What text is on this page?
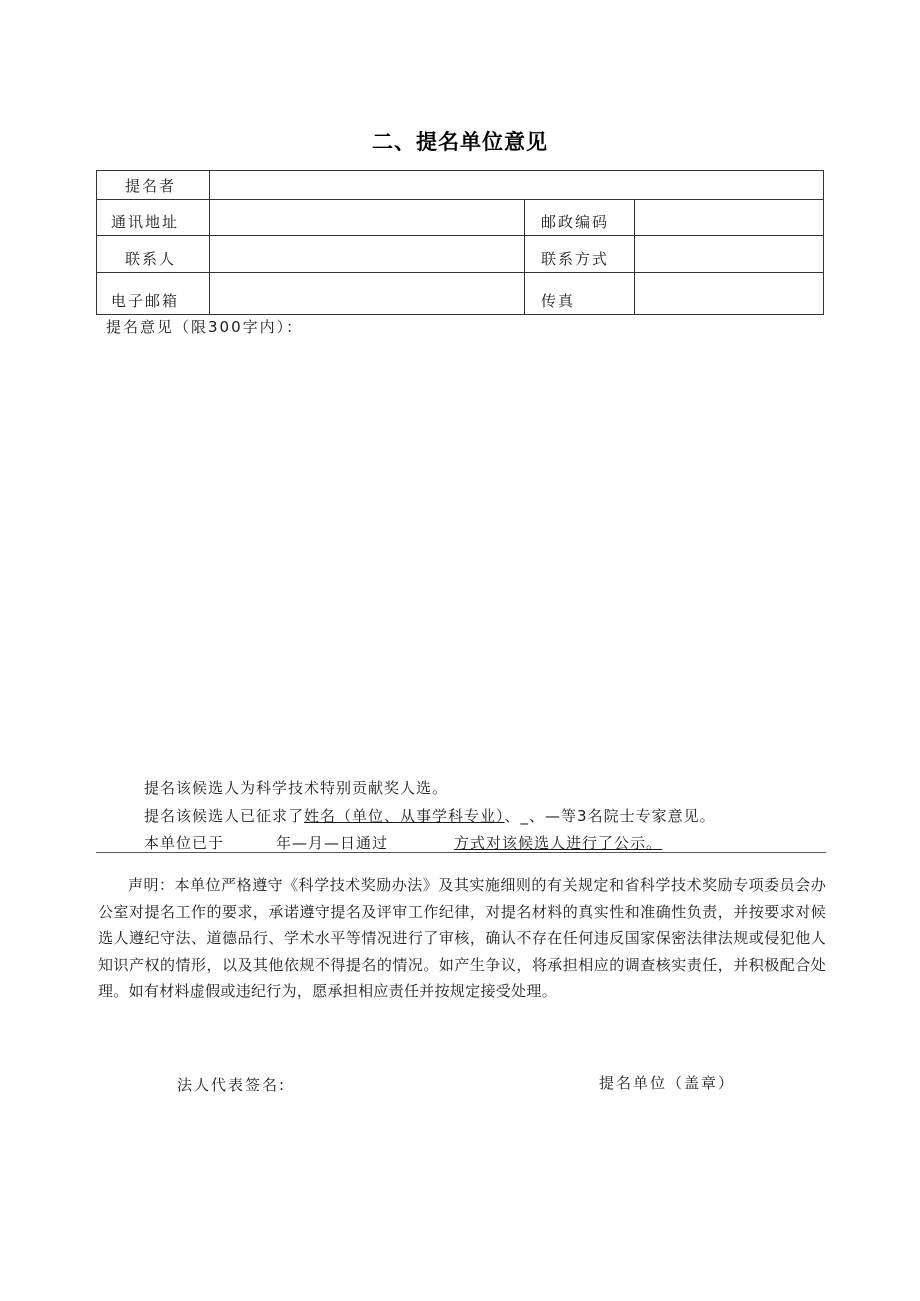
二、提名单位意见
提名者			
通讯地址		邮政编码	
联系人		联系方式	
电子邮箱		传真	
提名意见（限300字内）：
提名该候选人为科学技术特别贡献奖人选。
提名该候选人已征求了姓名（单位、从事学科专业）、_、—等3名院士专家意见。
本单位已于	年—月—日通过	方式对该候选人进行了公示。
声明：本单位严格遵守《科学技术奖励办法》及其实施细则的有关规定和省科学技术奖励专项委员会办公室对提名工作的要求，承诺遵守提名及评审工作纪律，对提名材料的真实性和准确性负责，并按要求对候选人遵纪守法、道德品行、学术水平等情况进行了审核，确认不存在任何违反国家保密法律法规或侵犯他人知识产权的情形，以及其他依规不得提名的情况。如产生争议，将承担相应的调查核实责任，并积极配合处理。如有材料虚假或违纪行为，愿承担相应责任并按规定接受处理。
法人代表签名:	提名单位（盖章）
